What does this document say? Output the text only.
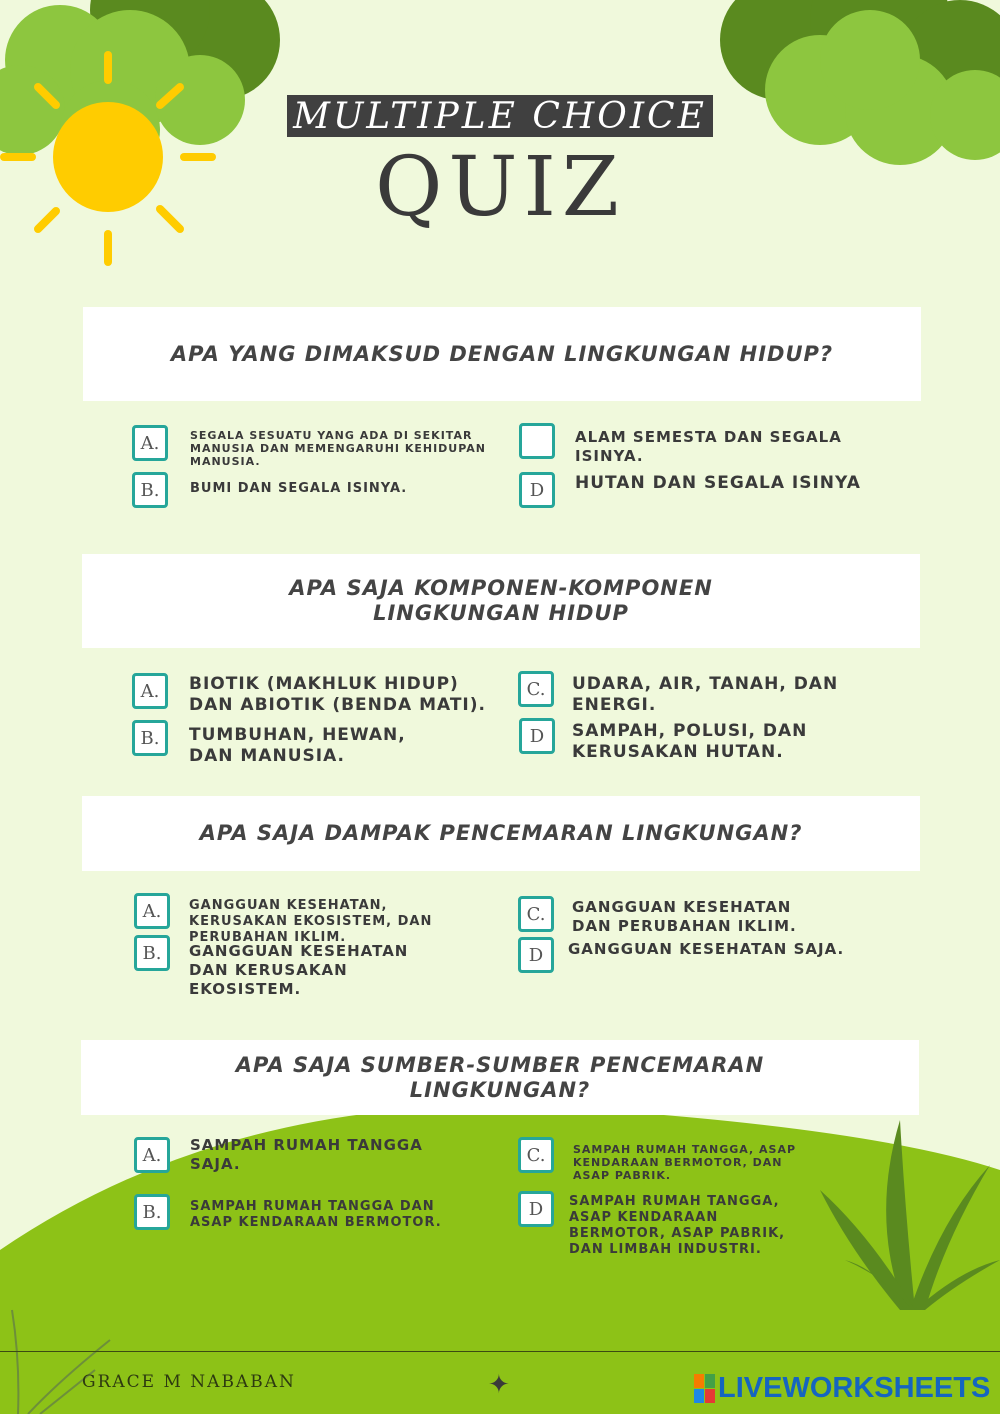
MULTIPLE CHOICE
QUIZ
APA YANG DIMAKSUD DENGAN LINGKUNGAN HIDUP?
A.	SEGALA SESUATU YANG ADA DI SEKITAR MANUSIA DAN MEMENGARUHI KEHIDUPAN MANUSIA.
B.	BUMI DAN SEGALA ISINYA.
ALAM SEMESTA DAN SEGALA ISINYA.
D	HUTAN DAN SEGALA ISINYA
APA SAJA KOMPONEN-KOMPONEN LINGKUNGAN HIDUP
A.	BIOTIK (MAKHLUK HIDUP) DAN ABIOTIK (BENDA MATI).
B.	TUMBUHAN, HEWAN, DAN MANUSIA.
C.	UDARA, AIR, TANAH, DAN ENERGI.
D	SAMPAH, POLUSI, DAN KERUSAKAN HUTAN.
APA SAJA DAMPAK PENCEMARAN LINGKUNGAN?
A.	GANGGUAN KESEHATAN, KERUSAKAN EKOSISTEM, DAN PERUBAHAN IKLIM.
B.	GANGGUAN KESEHATAN DAN KERUSAKAN EKOSISTEM.
C.	GANGGUAN KESEHATAN DAN PERUBAHAN IKLIM.
D	GANGGUAN KESEHATAN SAJA.
APA SAJA SUMBER-SUMBER PENCEMARAN LINGKUNGAN?
A.	SAMPAH RUMAH TANGGA SAJA.
B.	SAMPAH RUMAH TANGGA DAN ASAP KENDARAAN BERMOTOR.
C.	SAMPAH RUMAH TANGGA, ASAP KENDARAAN BERMOTOR, DAN ASAP PABRIK.
D	SAMPAH RUMAH TANGGA, ASAP KENDARAAN BERMOTOR, ASAP PABRIK, DAN LIMBAH INDUSTRI.
GRACE M NABABAN	✦	LIVEWORKSHEETS
